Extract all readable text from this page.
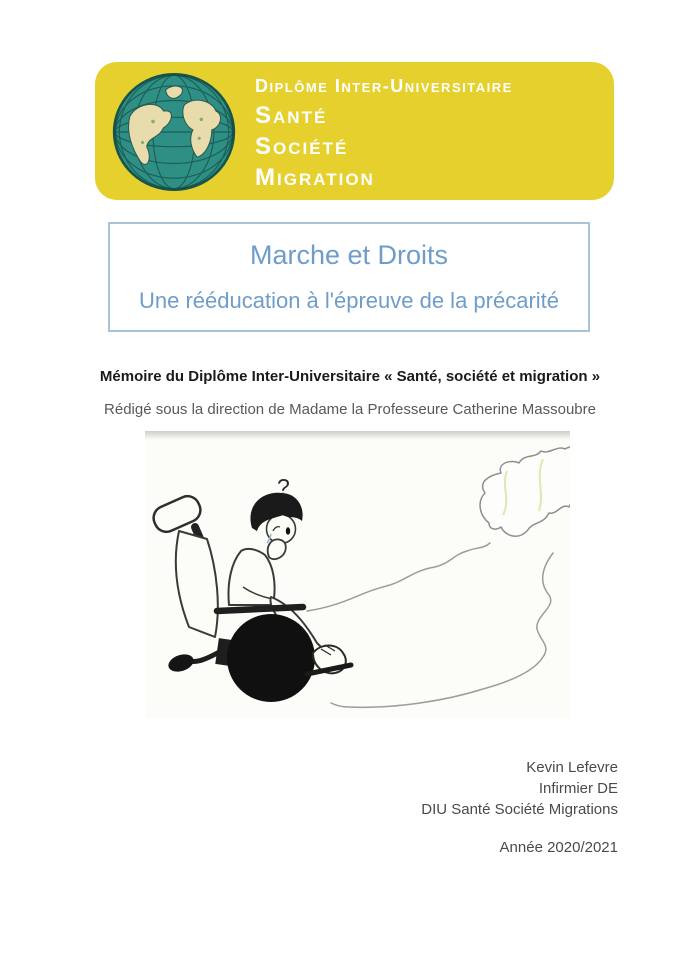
Diplôme Inter-Universitaire
Santé
Société
Migration
Marche et Droits
Une rééducation à l'épreuve de la précarité

Mémoire du Diplôme Inter-Universitaire « Santé, société et migration »

Rédigé sous la direction de Madame la Professeure Catherine Massoubre

?
Kevin Lefevre
Infirmier DE
DIU Santé Société Migrations
Année 2020/2021
